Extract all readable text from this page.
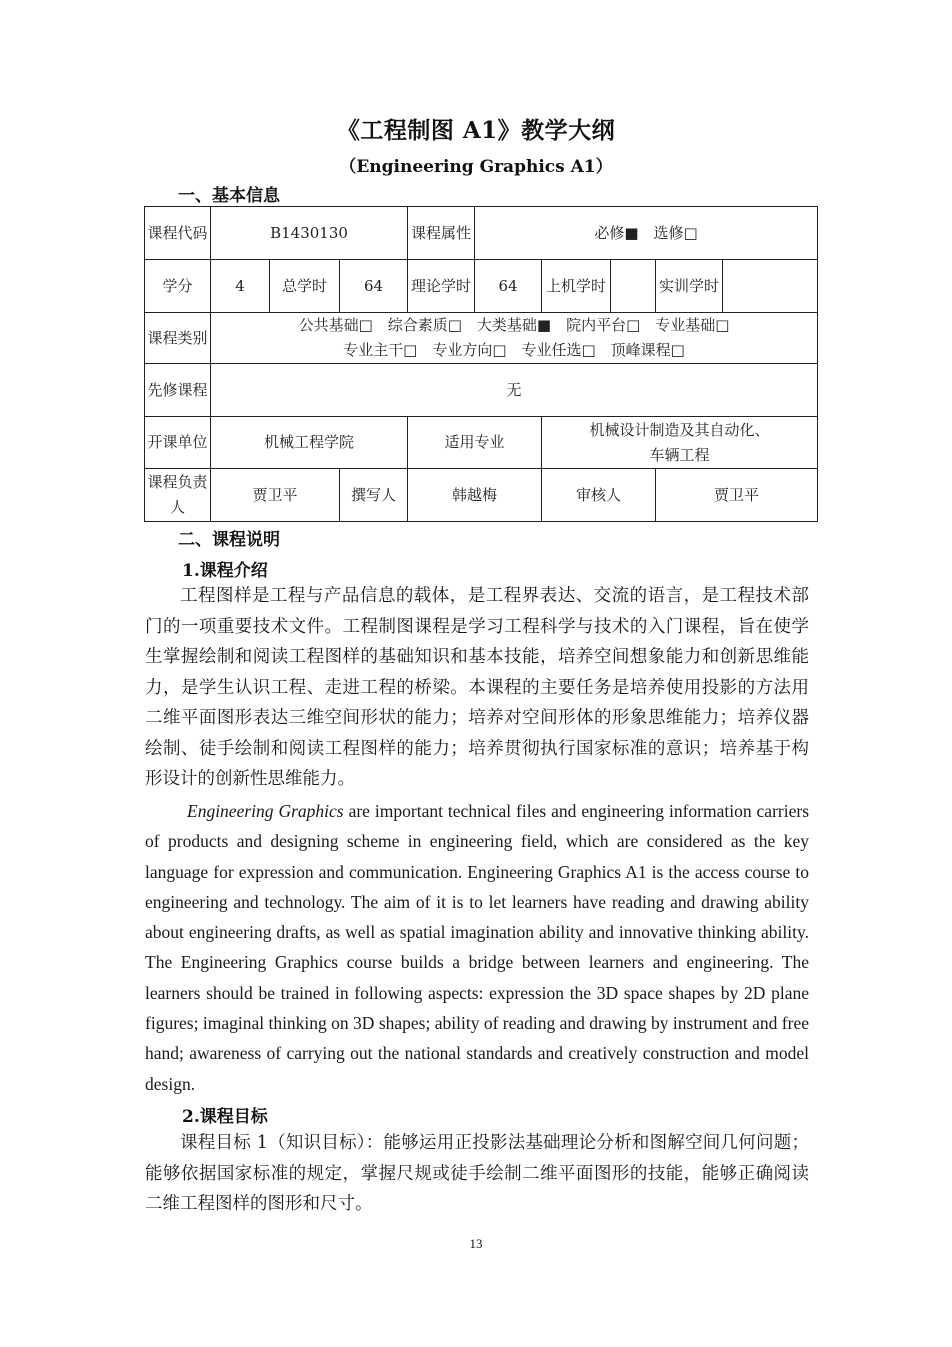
《工程制图 A1》教学大纲
（Engineering Graphics A1）
一、基本信息
课程代码	B1430130			课程属性	必修■　选修□				
学分	4	总学时	64	理论学时	64	上机学时		实训学时	
课程类别	公共基础□　综合素质□　大类基础■　院内平台□　专业基础□
专业主干□　专业方向□　专业任选□　顶峰课程□								

先修课程	无								
开课单位	机械工程学院			适用专业		机械设计制造及其自动化、
车辆工程			

课程负责人	贾卫平		撰写人	韩越梅		审核人		贾卫平	
二、课程说明
1.课程介绍

工程图样是工程与产品信息的载体，是工程界表达、交流的语言，是工程技术部门的一项重要技术文件。工程制图课程是学习工程科学与技术的入门课程，旨在使学生掌握绘制和阅读工程图样的基础知识和基本技能，培养空间想象能力和创新思维能力，是学生认识工程、走进工程的桥梁。本课程的主要任务是培养使用投影的方法用二维平面图形表达三维空间形状的能力；培养对空间形体的形象思维能力；培养仪器绘制、徒手绘制和阅读工程图样的能力；培养贯彻执行国家标准的意识；培养基于构形设计的创新性思维能力。

Engineering Graphics are important technical files and engineering information carriers of products and designing scheme in engineering field, which are considered as the key language for expression and communication. Engineering Graphics A1 is the access course to engineering and technology. The aim of it is to let learners have reading and drawing ability about engineering drafts, as well as spatial imagination ability and innovative thinking ability. The Engineering Graphics course builds a bridge between learners and engineering. The learners should be trained in following aspects: expression the 3D space shapes by 2D plane figures; imaginal thinking on 3D shapes; ability of reading and drawing by instrument and free hand; awareness of carrying out the national standards and creatively construction and model design.

2.课程目标

课程目标 1（知识目标）：能够运用正投影法基础理论分析和图解空间几何问题；能够依据国家标准的规定，掌握尺规或徒手绘制二维平面图形的技能，能够正确阅读二维工程图样的图形和尺寸。

13
